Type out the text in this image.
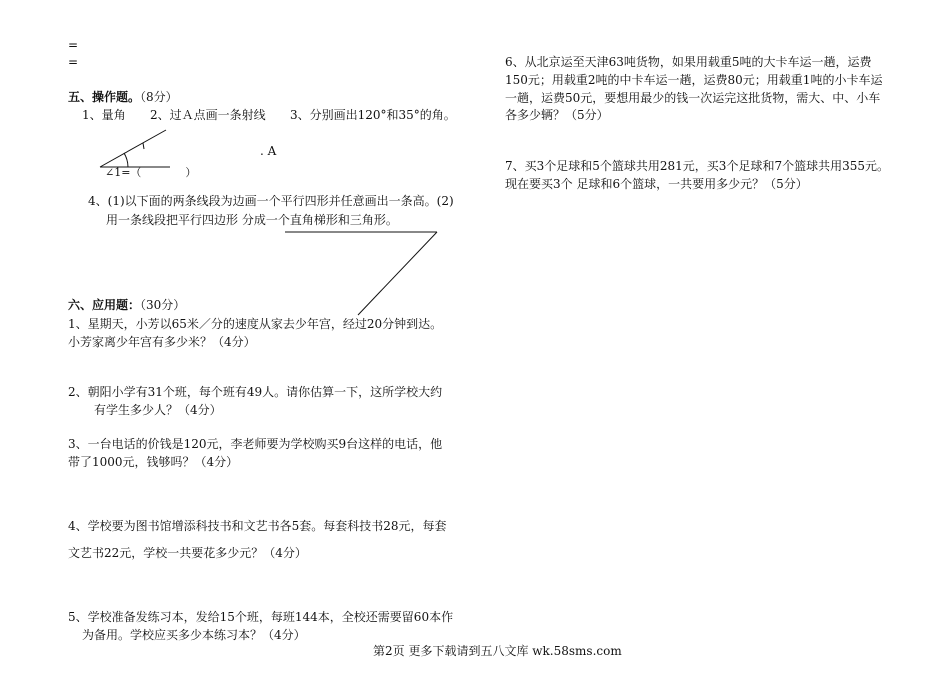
=
=
五、操作题。（8分）
1、量角 2、过Ａ点画一条射线 3、分别画出120°和35°的角。
∠1=（　　　　）
. A
4、(1)以下面的两条线段为边画一个平行四形并任意画出一条高。(2)
用一条线段把平行四边形 分成一个直角梯形和三角形。
六、应用题：（30分）
1、星期天，小芳以65米／分的速度从家去少年宫，经过20分钟到达。
小芳家离少年宫有多少米？（4分）
2、朝阳小学有31个班，每个班有49人。请你估算一下，这所学校大约
有学生多少人？（4分）
3、一台电话的价钱是120元，李老师要为学校购买9台这样的电话，他
带了1000元，钱够吗？（4分）
4、学校要为图书馆增添科技书和文艺书各5套。每套科技书28元，每套
文艺书22元，学校一共要花多少元？（4分）
5、学校准备发练习本，发给15个班，每班144本，全校还需要留60本作
为备用。学校应买多少本练习本？（4分）
6、从北京运至天津63吨货物，如果用载重5吨的大卡车运一趟，运费
150元；用载重2吨的中卡车运一趟，运费80元；用载重1吨的小卡车运
一趟，运费50元，要想用最少的钱一次运完这批货物，需大、中、小车
各多少辆？（5分）
7、买3个足球和5个篮球共用281元，买3个足球和7个篮球共用355元。
现在要买3个 足球和6个篮球，一共要用多少元？（5分）
第2页 更多下载请到五八文库 wk.58sms.com
